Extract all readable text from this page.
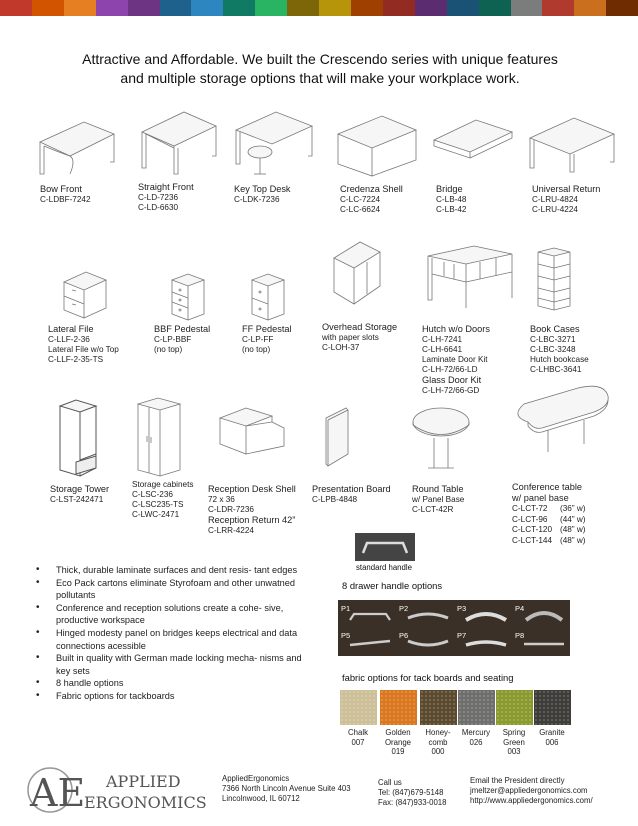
Attractive and Affordable. We built the Crescendo series with unique features
and multiple storage options that will make your workplace work.
Bow Front
C-LDBF-7242
Straight Front
C-LD-7236
C-LD-6630
Key Top Desk
C-LDK-7236
Credenza Shell
C-LC-7224
C-LC-6624
Bridge
C-LB-48
C-LB-42
Universal Return
C-LRU-4824
C-LRU-4224
Lateral File
C-LLF-2-36
Lateral File w/o Top
C-LLF-2-35-TS
BBF Pedestal
C-LP-BBF
(no top)
FF Pedestal
C-LP-FF
(no top)
Overhead Storage
with paper slots
C-LOH-37
Hutch w/o Doors
C-LH-7241
C-LH-6641
Laminate Door Kit
C-LH-72/66-LD
Glass Door Kit
C-LH-72/66-GD
Book Cases
C-LBC-3271
C-LBC-3248
Hutch bookcase
C-LHBC-3641
Storage Tower
C-LST-242471
Storage cabinets
C-LSC-236
C-LSC235-TS
C-LWC-2471
Reception Desk Shell
72 x 36
C-LDR-7236
Reception Return 42”
C-LRR-4224
Presentation Board
C-LPB-4848
Round Table
w/ Panel Base
C-LCT-42R
Conference table
w/ panel base
C-LCT-72	(36” w)
C-LCT-96	(44” w)
C-LCT-120 (48” w)
C-LCT-144 (48” w)
standard handle
• Thick, durable laminate surfaces and dent resis- tant edges
• Eco Pack cartons eliminate Styrofoam and other unwatned pollutants
• Conference and reception solutions create a cohe- sive, productive workspace
• Hinged modesty panel on bridges keeps electrical and data connections acessible
• Built in quality with German made locking mecha- nisms and key sets
• 8 handle options
• Fabric options for tackboards
8 drawer handle options
P1	P2	P3	P4
P5	P6	P7	P8
fabric options for tack boards and seating
Chalk
007
Golden
Orange
019
Honey-
comb
000
Mercury
026
Spring
Green
003
Granite
006
AE APPLIED
ERGONOMICS
AppliedErgonomics
7366 North Lincoln Avenue Suite 403
Lincolnwood, IL 60712
Call us
Tel: (847)679-5148
Fax: (847)933-0018
Email the President directly
jmeltzer@appliedergonomics.com
http://www.appliedergonomics.com/
